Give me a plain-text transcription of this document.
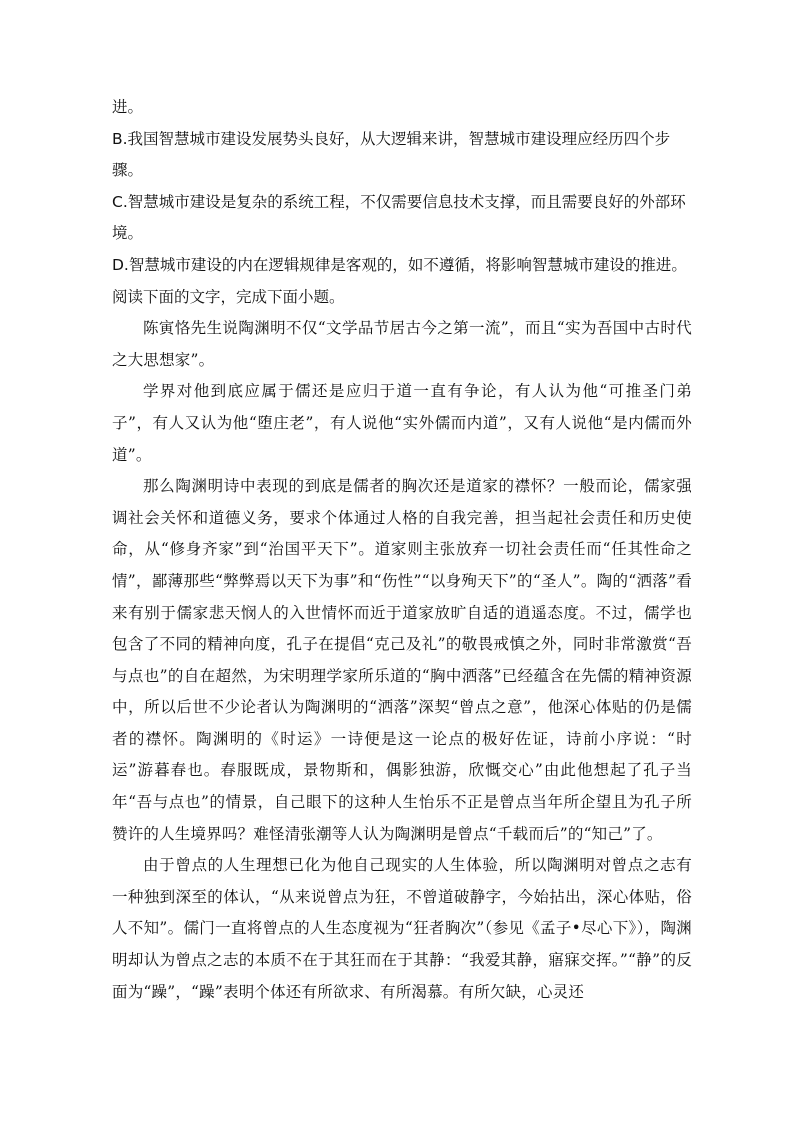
进。

B.我国智慧城市建设发展势头良好，从大逻辑来讲，智慧城市建设理应经历四个步骤。

C.智慧城市建设是复杂的系统工程，不仅需要信息技术支撑，而且需要良好的外部环境。

D.智慧城市建设的内在逻辑规律是客观的，如不遵循，将影响智慧城市建设的推进。

阅读下面的文字，完成下面小题。

陈寅恪先生说陶渊明不仅“文学品节居古今之第一流”，而且“实为吾国中古时代之大思想家”。

学界对他到底应属于儒还是应归于道一直有争论，有人认为他“可推圣门弟子”，有人又认为他“堕庄老”，有人说他“实外儒而内道”，又有人说他“是内儒而外道”。

那么陶渊明诗中表现的到底是儒者的胸次还是道家的襟怀？一般而论，儒家强调社会关怀和道德义务，要求个体通过人格的自我完善，担当起社会责任和历史使命，从“修身齐家”到“治国平天下”。道家则主张放弃一切社会责任而“任其性命之情”，鄙薄那些“弊弊焉以天下为事”和“伤性”“以身殉天下”的“圣人”。陶的“洒落”看来有别于儒家悲天悯人的入世情怀而近于道家放旷自适的逍遥态度。不过，儒学也包含了不同的精神向度，孔子在提倡“克己及礼”的敬畏戒慎之外，同时非常激赏“吾与点也”的自在超然，为宋明理学家所乐道的“胸中洒落”已经蕴含在先儒的精神资源中，所以后世不少论者认为陶渊明的“洒落”深契“曾点之意”，他深心体贴的仍是儒者的襟怀。陶渊明的《时运》一诗便是这一论点的极好佐证，诗前小序说：“时运”游暮春也。春服既成，景物斯和，偶影独游，欣慨交心”由此他想起了孔子当年“吾与点也”的情景，自己眼下的这种人生怡乐不正是曾点当年所企望且为孔子所赞许的人生境界吗？难怪清张潮等人认为陶渊明是曾点“千载而后”的“知己”了。

由于曾点的人生理想已化为他自己现实的人生体验，所以陶渊明对曾点之志有一种独到深至的体认，“从来说曾点为狂，不曾道破静字，今始拈出，深心体贴，俗人不知”。儒门一直将曾点的人生态度视为“狂者胸次”（参见《孟子•尽心下》），陶渊明却认为曾点之志的本质不在于其狂而在于其静：“我爱其静，寤寐交挥。”“静”的反面为“躁”，“躁”表明个体还有所欲求、有所渴慕。有所欠缺，心灵还
